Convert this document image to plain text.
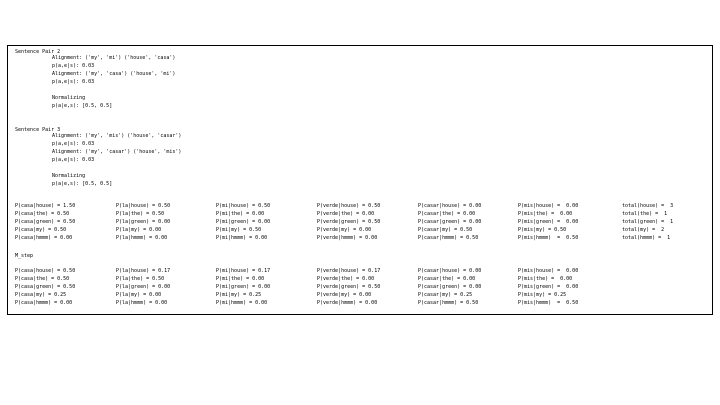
Sentence Pair 2
Alignment: ('my', 'mi') ('house', 'casa')
p(a,e|s): 0.03
Alignment: ('my', 'casa') ('house', 'mi')
p(a,e|s): 0.03
Normalizing
p(a|e,s): [0.5, 0.5]
Sentence Pair 3
Alignment: ('my', 'mis') ('house', 'casar')
p(a,e|s): 0.03
Alignment: ('my', 'casar') ('house', 'mis')
p(a,e|s): 0.03
Normalizing
p(a|e,s): [0.5, 0.5]
P(casa|house) = 1.50
P(casa|the) = 0.50
P(casa|green) = 0.50
P(casa|my) = 0.50
P(casa|hmmm) = 0.00
P(la|house) = 0.50
P(la|the) = 0.50
P(la|green) = 0.00
P(la|my) = 0.00
P(la|hmmm) = 0.00
P(mi|house) = 0.50
P(mi|the) = 0.00
P(mi|green) = 0.00
P(mi|my) = 0.50
P(mi|hmmm) = 0.00
P(verde|house) = 0.50
P(verde|the) = 0.00
P(verde|green) = 0.50
P(verde|my) = 0.00
P(verde|hmmm) = 0.00
P(casar|house) = 0.00
P(casar|the) = 0.00
P(casar|green) = 0.00
P(casar|my) = 0.50
P(casar|hmmm) = 0.50
P(mis|house) =  0.00
P(mis|the) =  0.00
P(mis|green) =  0.00
P(mis|my) = 0.50
P(mis|hmmm)  =  0.50
total(house) =  3
total(the) =  1
total(green) =  1
total(my) =  2
total(hmmm) =  1
M_step
P(casa|house) = 0.50
P(casa|the) = 0.50
P(casa|green) = 0.50
P(casa|my) = 0.25
P(casa|hmmm) = 0.00
P(la|house) = 0.17
P(la|the) = 0.50
P(la|green) = 0.00
P(la|my) = 0.00
P(la|hmmm) = 0.00
P(mi|house) = 0.17
P(mi|the) = 0.00
P(mi|green) = 0.00
P(mi|my) = 0.25
P(mi|hmmm) = 0.00
P(verde|house) = 0.17
P(verde|the) = 0.00
P(verde|green) = 0.50
P(verde|my) = 0.00
P(verde|hmmm) = 0.00
P(casar|house) = 0.00
P(casar|the) = 0.00
P(casar|green) = 0.00
P(casar|my) = 0.25
P(casar|hmmm) = 0.50
P(mis|house) =  0.00
P(mis|the) =  0.00
P(mis|green) =  0.00
P(mis|my) = 0.25
P(mis|hmmm)  =  0.50
